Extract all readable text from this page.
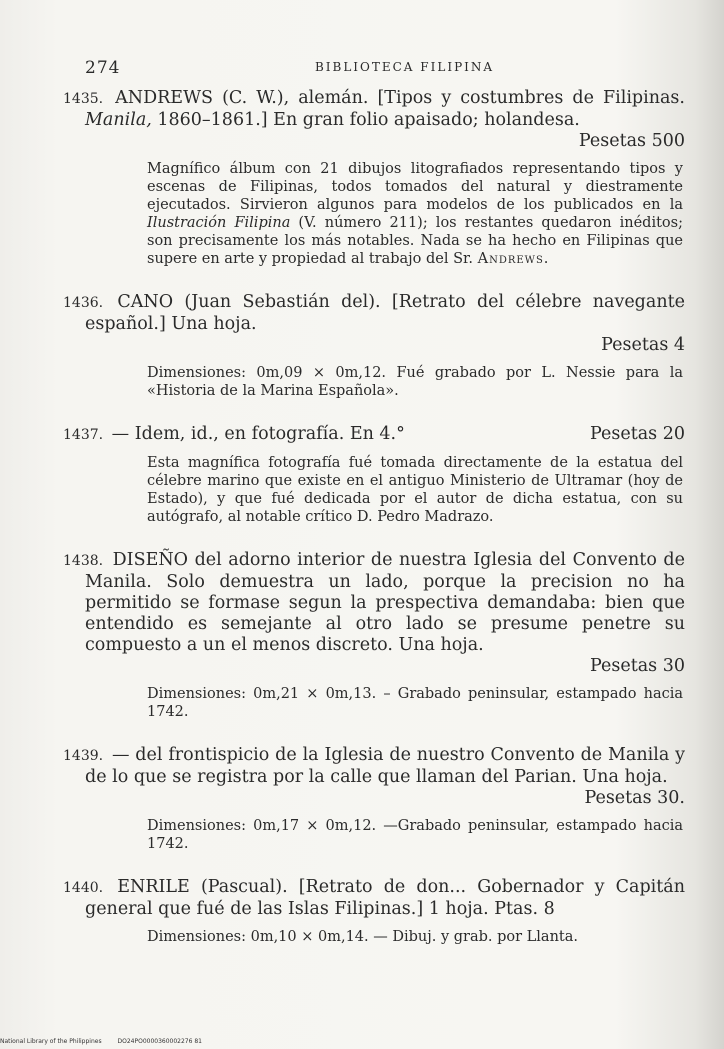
274	BIBLIOTECA FILIPINA
1435. ANDREWS (C. W.), alemán. [Tipos y costumbres de Filipinas. Manila, 1860–1861.] En gran folio apaisado; holandesa.
Pesetas 500
Magnífico álbum con 21 dibujos litografiados representando tipos y escenas de Filipinas, todos tomados del natural y diestramente ejecutados. Sirvieron algunos para modelos de los publicados en la Ilustración Filipina (V. número 211); los restantes quedaron inéditos; son precisamente los más notables. Nada se ha hecho en Filipinas que supere en arte y propiedad al trabajo del Sr. Andrews.
1436. CANO (Juan Sebastián del). [Retrato del célebre navegante español.] Una hoja.
Pesetas 4
Dimensiones: 0m,09 × 0m,12. Fué grabado por L. Nessie para la «Historia de la Marina Española».
1437. — Idem, id., en fotografía. En 4.°	Pesetas 20
Esta magnífica fotografía fué tomada directamente de la estatua del célebre marino que existe en el antiguo Ministerio de Ultramar (hoy de Estado), y que fué dedicada por el autor de dicha estatua, con su autógrafo, al notable crítico D. Pedro Madrazo.
1438. DISEÑO del adorno interior de nuestra Iglesia del Convento de Manila. Solo demuestra un lado, porque la precision no ha permitido se formase segun la prespectiva demandaba: bien que entendido es semejante al otro lado se presume penetre su compuesto a un el menos discreto. Una hoja.
Pesetas 30
Dimensiones: 0m,21 × 0m,13. – Grabado peninsular, estampado hacia 1742.
1439. — del frontispicio de la Iglesia de nuestro Convento de Manila y de lo que se registra por la calle que llaman del Parian. Una hoja.
Pesetas 30.
Dimensiones: 0m,17 × 0m,12. —Grabado peninsular, estampado hacia 1742.
1440. ENRILE (Pascual). [Retrato de don... Gobernador y Capitán general que fué de las Islas Filipinas.] 1 hoja. Ptas. 8
Dimensiones: 0m,10 × 0m,14. — Dibuj. y grab. por Llanta.
National Library of the Philippines	DO24PO0000360002276 81
